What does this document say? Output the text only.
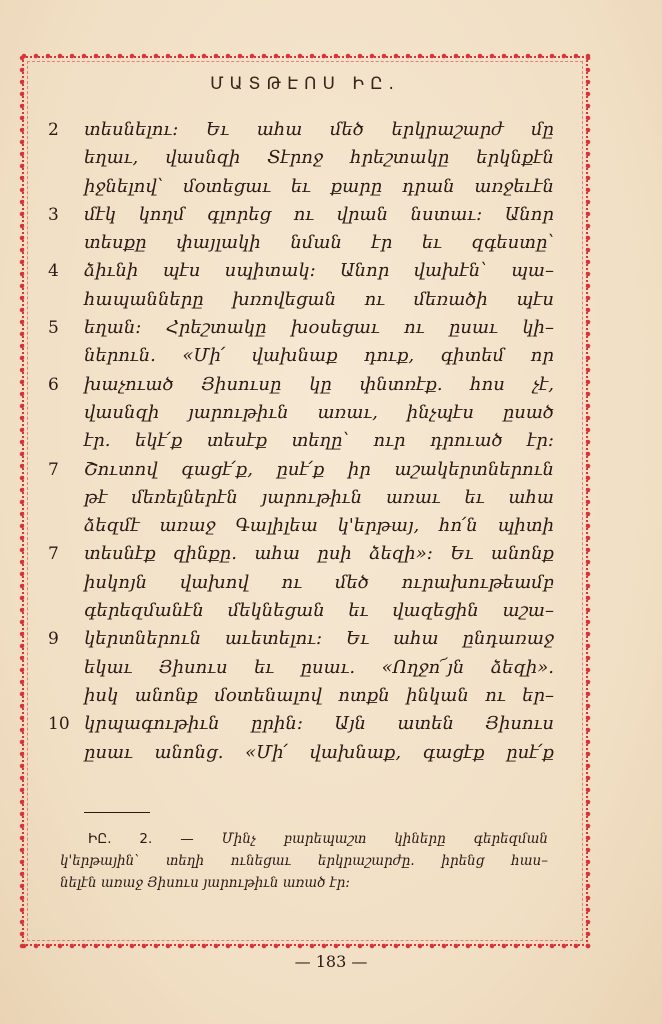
ՄԱՏԹԷՈՍ ԻԸ.
2	տեսնելու։ Եւ ահա մեծ երկրաշարժ մը
եղաւ, վասնզի Տէրոջ հրեշտակը երկնքէն
իջնելով՝ մօտեցաւ եւ քարը դրան առջեւէն
3	մէկ կողմ գլորեց ու վրան նստաւ։ Անոր
տեսքը փայլակի նման էր եւ զգեստը՝
4	ձիւնի պէս սպիտակ։ Անոր վախէն՝ պա–
հապանները խռովեցան ու մեռածի պէս
5	եղան։ Հրեշտակը խօսեցաւ ու ըսաւ կի–
ներուն. «Մի՛ վախնաք դուք, գիտեմ որ
6	խաչուած Յիսուսը կը փնտռէք. հոս չէ,
վասնզի յարութիւն առաւ, ինչպէս ըսած
էր. եկէ՛ք տեսէք տեղը՝ ուր դրուած էր։
7	Շուտով գացէ՛ք, ըսէ՛ք իր աշակերտներուն
թէ մեռելներէն յարութիւն առաւ եւ ահա
ձեզմէ առաջ Գալիլեա կ'երթայ, հո՛ն պիտի
7	տեսնէք զինքը. ահա ըսի ձեզի»։ Եւ անոնք
իսկոյն վախով ու մեծ ուրախութեամբ
գերեզմանէն մեկնեցան եւ վազեցին աշա–
9	կերտներուն աւետելու։ Եւ ահա ընդառաջ
եկաւ Յիսուս եւ ըսաւ. «Ողջո՜յն ձեզի».
իսկ անոնք մօտենալով ոտքն ինկան ու եր–
10 կրպագութիւն ըրին։ Այն ատեն Յիսուս
ըսաւ անոնց. «Մի՛ վախնաք, գացէք ըսէ՛ք
ԻԸ. 2. — Մինչ բարեպաշտ կիները գերեզման
կ'երթային՝ տեղի ունեցաւ երկրաշարժը. իրենց հաս–
նելէն առաջ Յիսուս յարութիւն առած էր։
— 183 —
